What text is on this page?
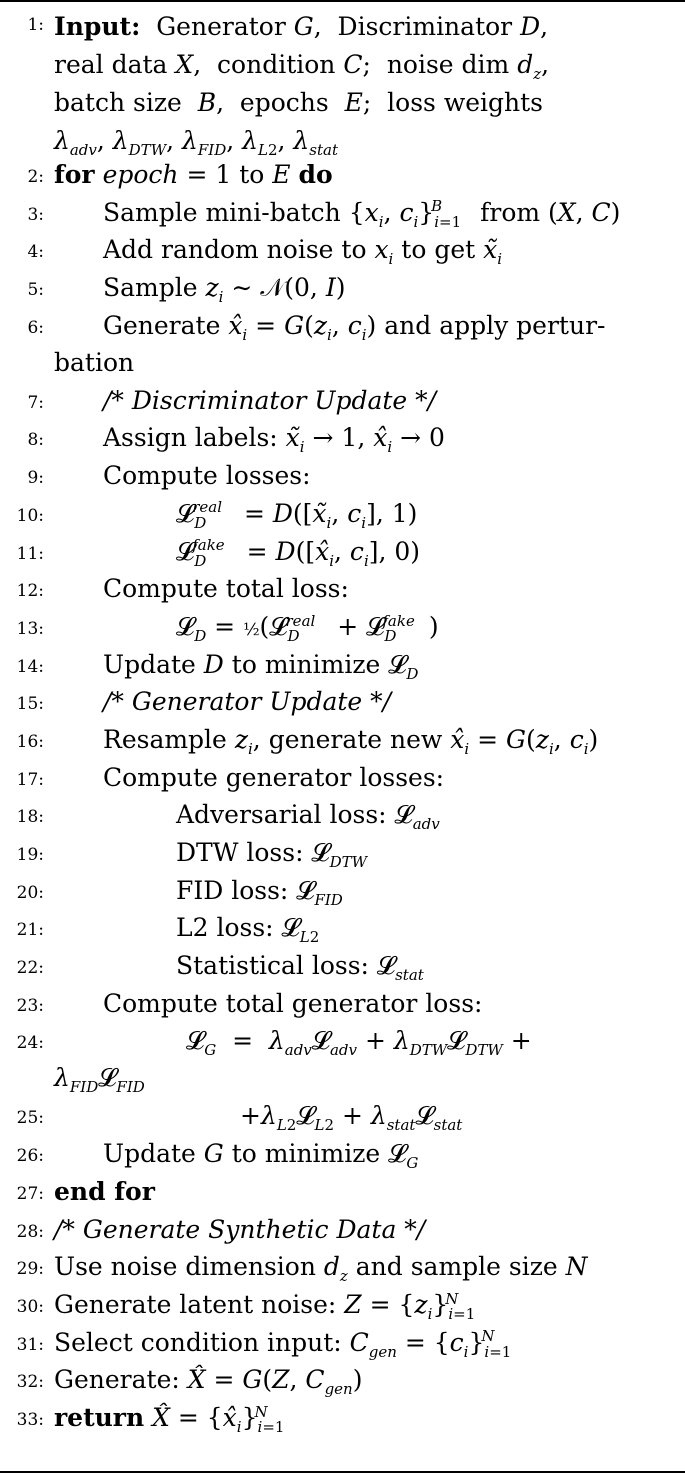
1: Input:  Generator G,  Discriminator D,
real data X,  condition C;  noise dim $d_z$,
batch size  B,  epochs  E;  loss weights
$\lambda_{adv}$, $\lambda_{DTW}$, $\lambda_{FID}$, $\lambda_{L2}$, $\lambda_{stat}$
2: for epoch = 1 to E do
3: Sample mini-batch {$x_i$, $c_i\}_{i=1}^B$ from (X, C)
4: Add random noise to $x_i$ to get $x̃_i$
5: Sample $z_i$ ∼ 𝒩(0, I)
6: Generate $x̂_i = G(z_i$, $c_i$) and apply pertur-
bation
7: /* Discriminator Update */
8: Assign labels: $x̃_i \to 1$, $x̂_i \to 0$
9: Compute losses:
10:	𝓛$_D^{real}$ = $D([x̃_i$, $c_i$], 1)
11:	𝓛$_D^{fake}$ = $D([x̂_i$, $c_i$], 0)
12: Compute total loss:
13:	𝓛$_D$ = ½(𝓛$_D^{real}$ + 𝓛$_D^{fake}$ )
14: Update D to minimize 𝓛$_D$
15: /* Generator Update */
16: Resample $z_i$, generate new $x̂_i = G(z_i$, $c_i$)
17: Compute generator losses:
18:	Adversarial loss: 𝓛$_{adv}$
19:	DTW loss: 𝓛$_{DTW}$
20:	FID loss: 𝓛$_{FID}$
21:	L2 loss: 𝓛$_{L2}$
22:	Statistical loss: 𝓛$_{stat}$
23: Compute total generator loss:
24:	𝓛$_G$  =  $\lambda_{adv}𝓛_{adv}$ + $\lambda_{DTW}𝓛_{DTW}$ +
$\lambda_{FID}𝓛_{FID}$
25:	$+\lambda_{L2}𝓛_{L2}$ + $\lambda_{stat}𝓛_{stat}$
26: Update G to minimize 𝓛$_G$
27: end for
28: /* Generate Synthetic Data */
29: Use noise dimension $d_z$ and sample size N
30: Generate latent noise: $Z = \{z_i\}_{i=1}^N$
31: Select condition input: $C_{gen} = \{c_i\}_{i=1}^N$
32: Generate: X̂ = G(Z, $C_{gen}$)
33: return X̂ = $\{x̂_i\}_{i=1}^N$
